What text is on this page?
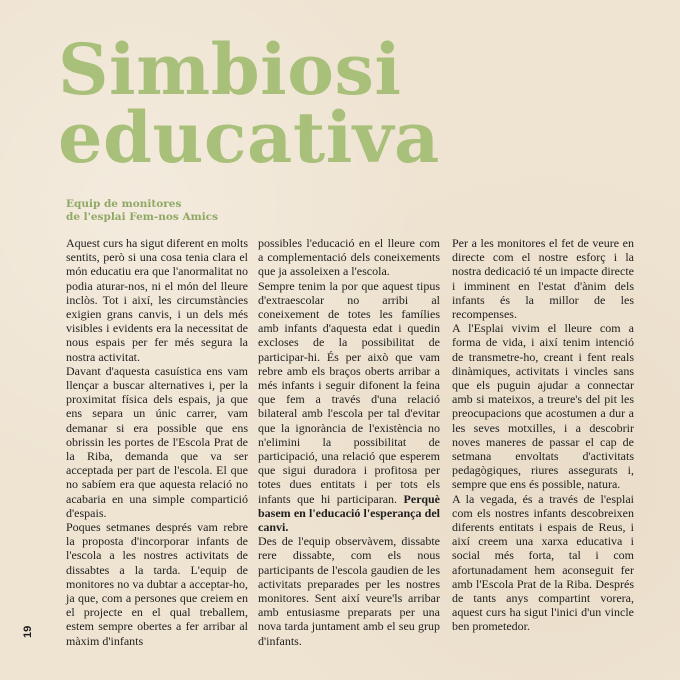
Simbiosi
educativa
Equip de monitores
de l'esplai Fem-nos Amics

Aquest curs ha sigut diferent en molts sentits, però si una cosa tenia clara el món educatiu era que l'anormalitat no podia aturar-nos, ni el món del lleure inclòs. Tot i així, les circumstàncies exigien grans canvis, i un dels més visibles i evidents era la necessitat de nous espais per fer més segura la nostra activitat.

Davant d'aquesta casuística ens vam llençar a buscar alternatives i, per la proximitat física dels espais, ja que ens separa un únic carrer, vam demanar si era possible que ens obrissin les portes de l'Escola Prat de la Riba, demanda que va ser acceptada per part de l'escola. El que no sabíem era que aquesta relació no acabaria en una simple compartició d'espais.

Poques setmanes després vam rebre la proposta d'incorporar infants de l'escola a les nostres activitats de dissabtes a la tarda. L'equip de monitores no va dubtar a acceptar-ho, ja que, com a persones que creiem en el projecte en el qual treballem, estem sempre obertes a fer arribar al màxim d'infants

possibles l'educació en el lleure com a complementació dels coneixements que ja assoleixen a l'escola.

Sempre tenim la por que aquest tipus d'extraescolar no arribi al coneixement de totes les famílies amb infants d'aquesta edat i quedin excloses de la possibilitat de participar-hi. És per això que vam rebre amb els braços oberts arribar a més infants i seguir difonent la feina que fem a través d'una relació bilateral amb l'escola per tal d'evitar que la ignorància de l'existència no n'elimini la possibilitat de participació, una relació que esperem que sigui duradora i profitosa per totes dues entitats i per tots els infants que hi participaran. Perquè basem en l'educació l'esperança del canvi.

Des de l'equip observàvem, dissabte rere dissabte, com els nous participants de l'escola gaudien de les activitats preparades per les nostres monitores. Sent així veure'ls arribar amb entusiasme preparats per una nova tarda juntament amb el seu grup d'infants.

Per a les monitores el fet de veure en directe com el nostre esforç i la nostra dedicació té un impacte directe i imminent en l'estat d'ànim dels infants és la millor de les recompenses.

A l'Esplai vivim el lleure com a forma de vida, i així tenim intenció de transmetre-ho, creant i fent reals dinàmiques, activitats i vincles sans que els puguin ajudar a connectar amb si mateixos, a treure's del pit les preocupacions que acostumen a dur a les seves motxilles, i a descobrir noves maneres de passar el cap de setmana envoltats d'activitats pedagògiques, riures assegurats i, sempre que ens és possible, natura.

A la vegada, és a través de l'esplai com els nostres infants descobreixen diferents entitats i espais de Reus, i així creem una xarxa educativa i social més forta, tal i com afortunadament hem aconseguit fer amb l'Escola Prat de la Riba. Després de tants anys compartint vorera, aquest curs ha sigut l'inici d'un vincle ben prometedor.

19
